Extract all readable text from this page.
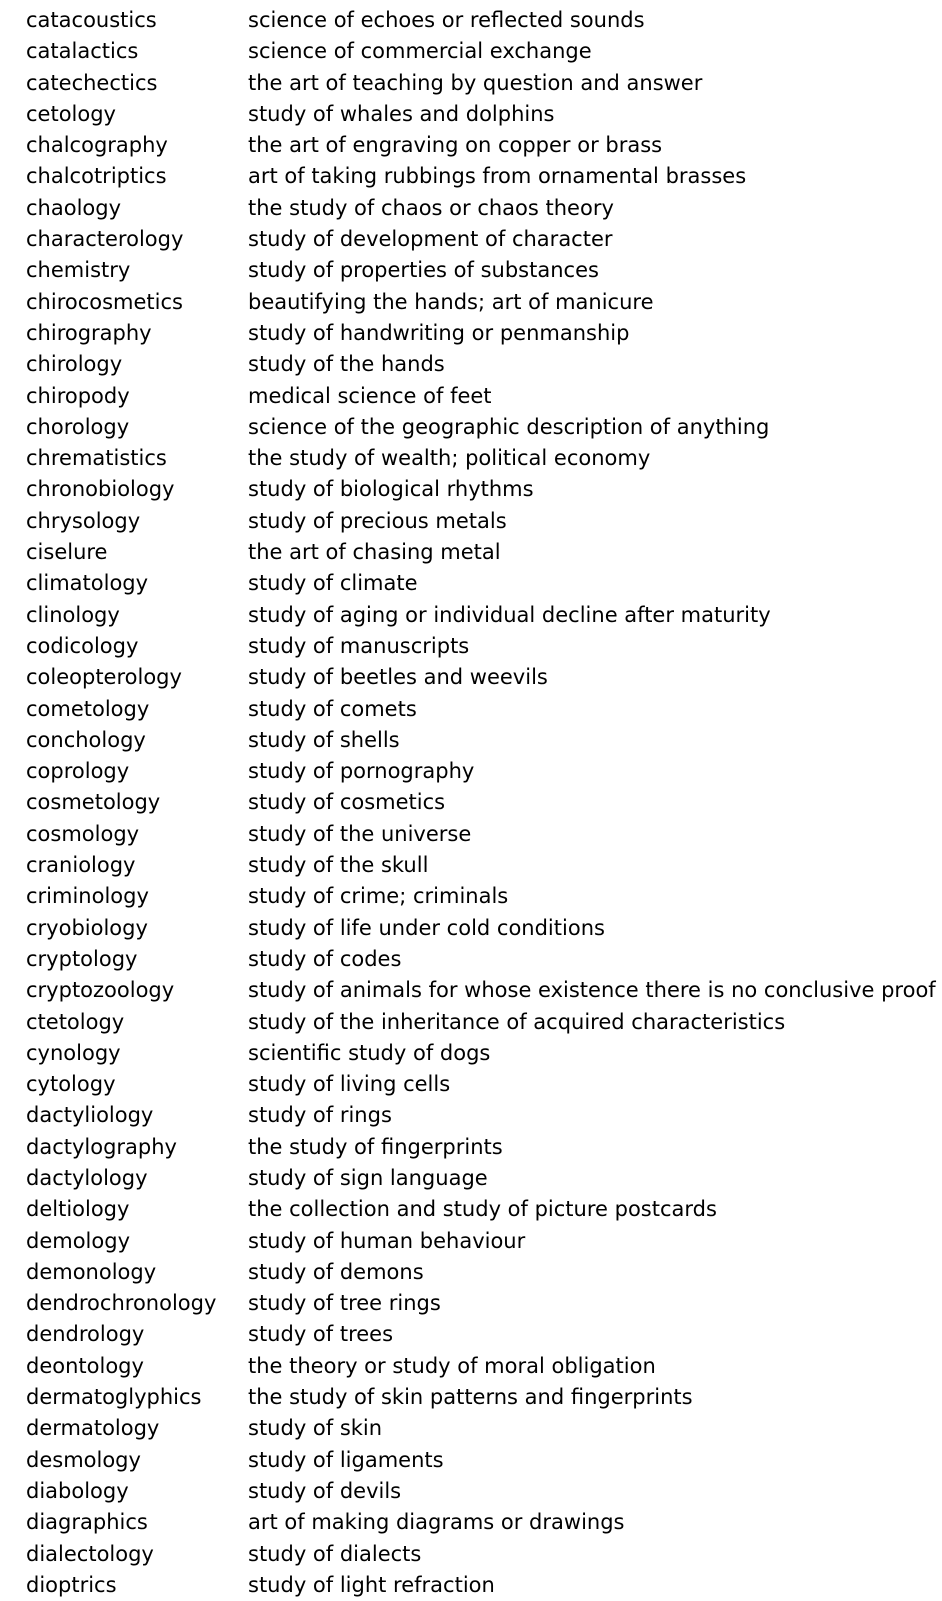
catacoustics	science of echoes or reflected sounds
catalactics	science of commercial exchange
catechectics	the art of teaching by question and answer
cetology	study of whales and dolphins
chalcography	the art of engraving on copper or brass
chalcotriptics	art of taking rubbings from ornamental brasses
chaology	the study of chaos or chaos theory
characterology	study of development of character
chemistry	study of properties of substances
chirocosmetics	beautifying the hands; art of manicure
chirography	study of handwriting or penmanship
chirology	study of the hands
chiropody	medical science of feet
chorology	science of the geographic description of anything
chrematistics	the study of wealth; political economy
chronobiology	study of biological rhythms
chrysology	study of precious metals
ciselure	the art of chasing metal
climatology	study of climate
clinology	study of aging or individual decline after maturity
codicology	study of manuscripts
coleopterology	study of beetles and weevils
cometology	study of comets
conchology	study of shells
coprology	study of pornography
cosmetology	study of cosmetics
cosmology	study of the universe
craniology	study of the skull
criminology	study of crime; criminals
cryobiology	study of life under cold conditions
cryptology	study of codes
cryptozoology	study of animals for whose existence there is no conclusive proof
ctetology	study of the inheritance of acquired characteristics
cynology	scientific study of dogs
cytology	study of living cells
dactyliology	study of rings
dactylography	the study of fingerprints
dactylology	study of sign language
deltiology	the collection and study of picture postcards
demology	study of human behaviour
demonology	study of demons
dendrochronology study of tree rings
dendrology	study of trees
deontology	the theory or study of moral obligation
dermatoglyphics the study of skin patterns and fingerprints
dermatology	study of skin
desmology	study of ligaments
diabology	study of devils
diagraphics	art of making diagrams or drawings
dialectology	study of dialects
dioptrics	study of light refraction
